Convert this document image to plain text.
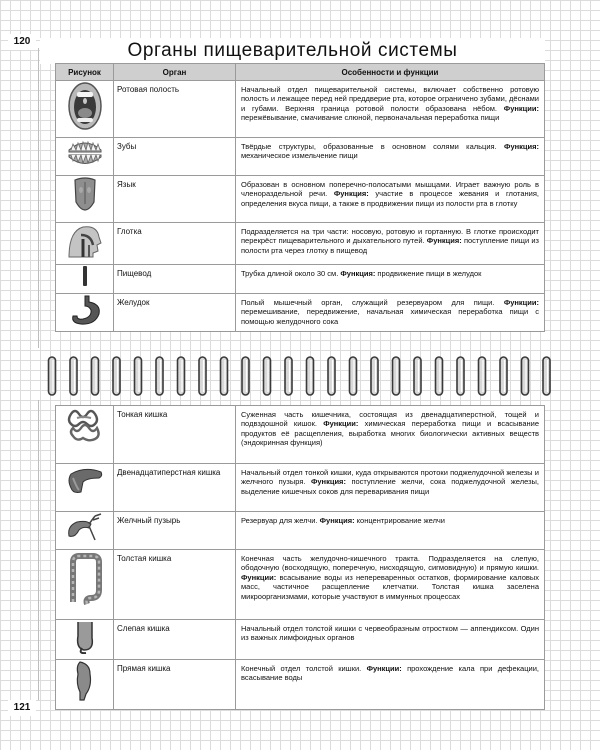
120	Органы пищеварительной системы
Рисунок	Орган	Особенности и функции
	Ротовая полость	Начальный отдел пищеварительной системы, включает собственно ротовую полость и лежащее перед ней преддверие рта, которое ограничено зубами, дёснами и губами. Верхняя граница ротовой полости образована нёбом. Функции: пережёвывание, смачивание слюной, первоначальная переработка пищи
	Зубы	Твёрдые структуры, образованные в основном солями кальция. Функция: механическое измельчение пищи
	Язык	Образован в основном поперечно-полосатыми мышцами. Играет важную роль в членораздельной речи. Функция: участие в процессе жевания и глотания, определения вкуса пищи, а также в продвижении пищи из полости рта в глотку
	Глотка	Подразделяется на три части: носовую, ротовую и гортанную. В глотке происходит перекрёст пищеварительного и дыхательного путей. Функция: поступление пищи из полости рта через глотку в пищевод
	Пищевод	Трубка длиной около 30 см. Функция: продвижение пищи в желудок
	Желудок	Полый мышечный орган, служащий резервуаром для пищи. Функции: перемешивание, передвижение, начальная химическая переработка пищи с помощью желудочного сока
	Тонкая кишка	Суженная часть кишечника, состоящая из двенадцатиперстной, тощей и подвздошной кишок. Функции: химическая переработка пищи и всасывание продуктов её расщепления, выработка многих биологически активных веществ (эндокринная функция)
	Двенадцатиперстная кишка	Начальный отдел тонкой кишки, куда открываются протоки поджелудочной железы и желчного пузыря. Функция: поступление желчи, сока поджелудочной железы, выделение кишечных соков для переваривания пищи
	Желчный пузырь	Резервуар для желчи. Функция: концентрирование желчи
	Толстая кишка	Конечная часть желудочно-кишечного тракта. Подразделяется на слепую, ободочную (восходящую, поперечную, нисходящую, сигмовидную) и прямую кишки. Функции: всасывание воды из непереваренных остатков, формирование каловых масс, частичное расщепление клетчатки. Толстая кишка заселена микроорганизмами, которые участвуют в иммунных процессах
	Слепая кишка	Начальный отдел толстой кишки с червеобразным отростком — аппендиксом. Один из важных лимфоидных органов
	Прямая кишка	Конечный отдел толстой кишки. Функции: прохождение кала при дефекации, всасывание воды
121
